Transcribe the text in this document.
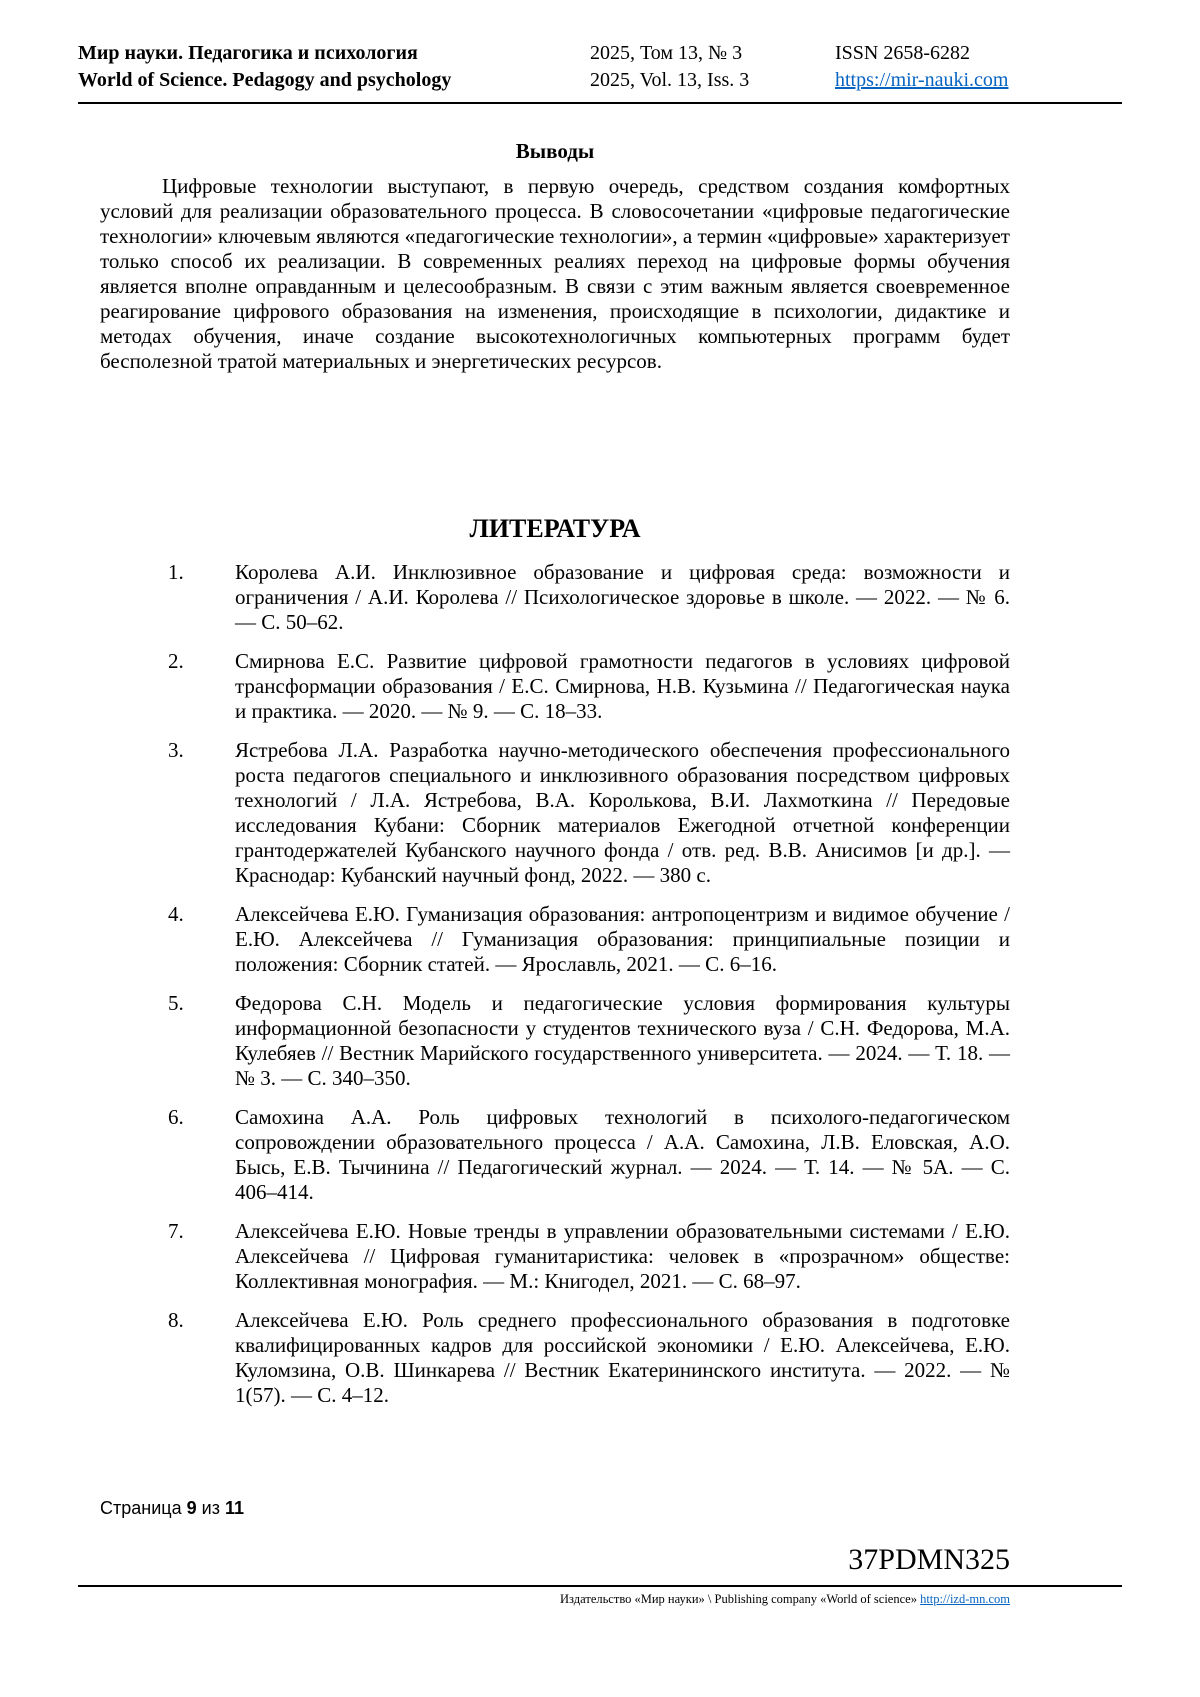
Мир науки. Педагогика и психология
World of Science. Pedagogy and psychology
2025, Том 13, № 3
2025, Vol. 13, Iss. 3
ISSN 2658-6282
https://mir-nauki.com
Выводы

Цифровые технологии выступают, в первую очередь, средством создания комфортных условий для реализации образовательного процесса. В словосочетании «цифровые педагогические технологии» ключевым являются «педагогические технологии», а термин «цифровые» характеризует только способ их реализации. В современных реалиях переход на цифровые формы обучения является вполне оправданным и целесообразным. В связи с этим важным является своевременное реагирование цифрового образования на изменения, происходящие в психологии, дидактике и методах обучения, иначе создание высокотехнологичных компьютерных программ будет бесполезной тратой материальных и энергетических ресурсов.

ЛИТЕРАТУРА
1. Королева А.И. Инклюзивное образование и цифровая среда: возможности и ограничения / А.И. Королева // Психологическое здоровье в школе. — 2022. — № 6. — С. 50–62.
2. Смирнова Е.С. Развитие цифровой грамотности педагогов в условиях цифровой трансформации образования / Е.С. Смирнова, Н.В. Кузьмина // Педагогическая наука и практика. — 2020. — № 9. — С. 18–33.
3. Ястребова Л.А. Разработка научно-методического обеспечения профессионального роста педагогов специального и инклюзивного образования посредством цифровых технологий / Л.А. Ястребова, В.А. Королькова, В.И. Лахмоткина // Передовые исследования Кубани: Сборник материалов Ежегодной отчетной конференции грантодержателей Кубанского научного фонда / отв. ред. В.В. Анисимов [и др.]. — Краснодар: Кубанский научный фонд, 2022. — 380 с.
4. Алексейчева Е.Ю. Гуманизация образования: антропоцентризм и видимое обучение / Е.Ю. Алексейчева // Гуманизация образования: принципиальные позиции и положения: Сборник статей. — Ярославль, 2021. — С. 6–16.
5. Федорова С.Н. Модель и педагогические условия формирования культуры информационной безопасности у студентов технического вуза / С.Н. Федорова, М.А. Кулебяев // Вестник Марийского государственного университета. — 2024. — Т. 18. — № 3. — С. 340–350.
6. Самохина А.А. Роль цифровых технологий в психолого-педагогическом сопровождении образовательного процесса / А.А. Самохина, Л.В. Еловская, А.О. Бысь, Е.В. Тычинина // Педагогический журнал. — 2024. — Т. 14. — № 5А. — С. 406–414.
7. Алексейчева Е.Ю. Новые тренды в управлении образовательными системами / Е.Ю. Алексейчева // Цифровая гуманитаристика: человек в «прозрачном» обществе: Коллективная монография. — М.: Книгодел, 2021. — С. 68–97.
8. Алексейчева Е.Ю. Роль среднего профессионального образования в подготовке квалифицированных кадров для российской экономики / Е.Ю. Алексейчева, Е.Ю. Куломзина, О.В. Шинкарева // Вестник Екатерининского института. — 2022. — № 1(57). — С. 4–12.
Страница 9 из 11
37PDMN325
Издательство «Мир науки» \ Publishing company «World of science» http://izd-mn.com
